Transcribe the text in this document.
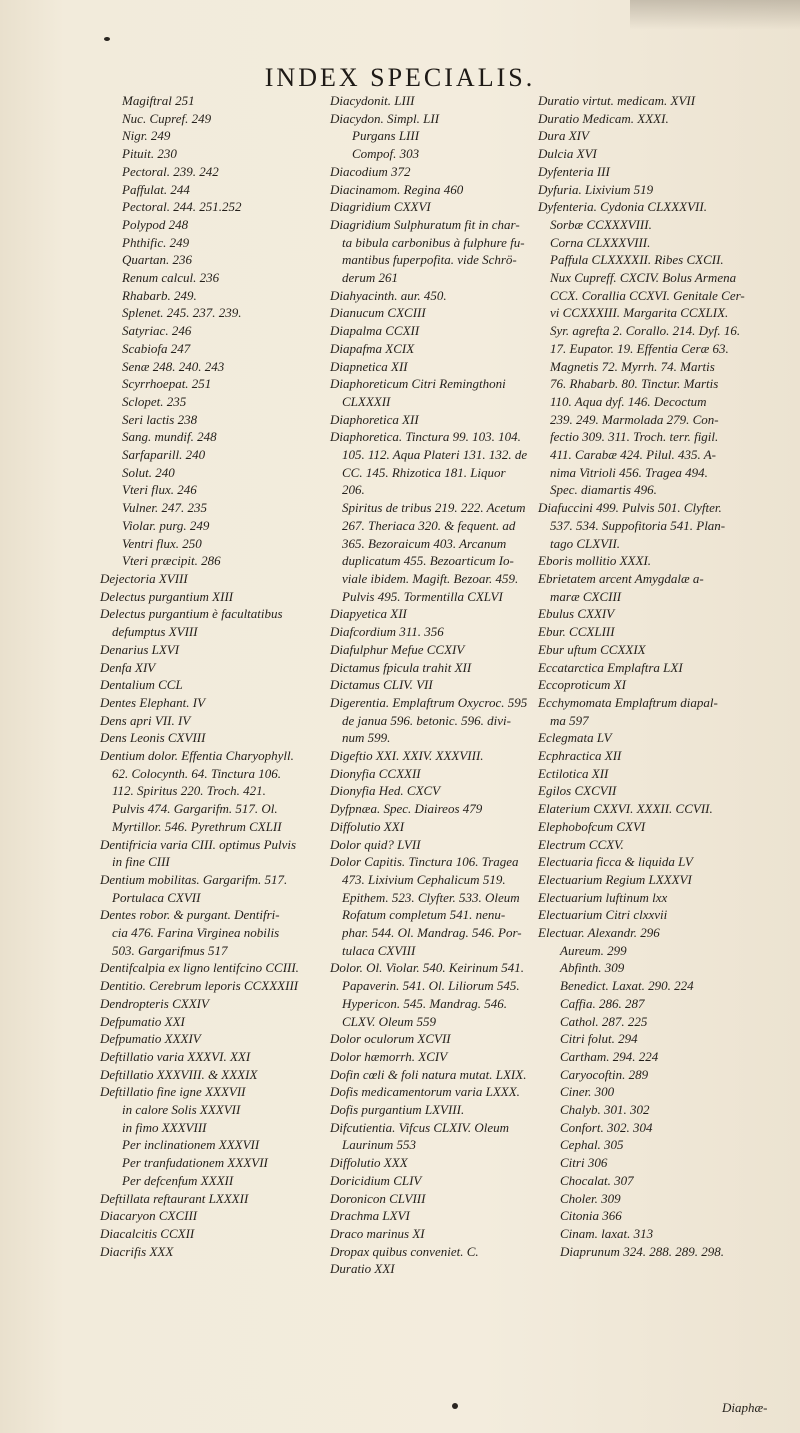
INDEX SPECIALIS.

Magiftral 251

Nuc. Cupref. 249

Nigr. 249

Pituit. 230

Pectoral. 239. 242

Paffulat. 244

Pectoral. 244. 251.252

Polypod 248

Phthific. 249

Quartan. 236

Renum calcul. 236

Rhabarb. 249.

Splenet. 245. 237. 239.

Satyriac. 246

Scabiofa 247

Senæ 248. 240. 243

Scyrrhoepat. 251

Sclopet. 235

Seri lactis 238

Sang. mundif. 248

Sarfaparill. 240

Solut. 240

Vteri flux. 246

Vulner. 247. 235

Violar. purg. 249

Ventri flux. 250

Vteri præcipit. 286

Dejectoria XVIII

Delectus purgantium XIII

Delectus purgantium è facultatibus

defumptus XVIII

Denarius LXVI

Denfa XIV

Dentalium CCL

Dentes Elephant. IV

Dens apri VII. IV

Dens Leonis CXVIII

Dentium dolor. Effentia Charyophyll.

62. Colocynth. 64. Tinctura 106.

112. Spiritus 220. Troch. 421.

Pulvis 474. Gargarifm. 517. Ol.

Myrtillor. 546. Pyrethrum CXLII

Dentifricia varia CIII. optimus Pulvis

in fine CIII

Dentium mobilitas. Gargarifm. 517.

Portulaca CXVII

Dentes robor. & purgant. Dentifri-

cia 476. Farina Virginea nobilis

503. Gargarifmus 517

Dentifcalpia ex ligno lentifcino CCIII.

Dentitio. Cerebrum leporis CCXXXIII

Dendropteris CXXIV

Defpumatio XXI

Defpumatio XXXIV

Deftillatio varia XXXVI. XXI

Deftillatio XXXVIII. & XXXIX

Deftillatio fine igne XXXVII

in calore Solis XXXVII

in fimo XXXVIII

Per inclinationem XXXVII

Per tranfudationem XXXVII

Per defcenfum XXXII

Deftillata reftaurant LXXXII

Diacaryon CXCIII

Diacalcitis CCXII

Diacrifis XXX

Diacydonit. LIII

Diacydon. Simpl. LII

Purgans LIII

Compof. 303

Diacodium 372

Diacinamom. Regina 460

Diagridium CXXVI

Diagridium Sulphuratum fit in char-

ta bibula carbonibus à fulphure fu-

mantibus fuperpofita. vide Schrö-

derum 261

Diahyacinth. aur. 450.

Dianucum CXCIII

Diapalma CCXII

Diapafma XCIX

Diapnetica XII

Diaphoreticum Citri Remingthoni

CLXXXII

Diaphoretica XII

Diaphoretica. Tinctura 99. 103. 104.

105. 112. Aqua Plateri 131. 132. de

CC. 145. Rhizotica 181. Liquor 206.

Spiritus de tribus 219. 222. Acetum

267. Theriaca 320. & fequent. ad

365. Bezoraicum 403. Arcanum

duplicatum 455. Bezoarticum Io-

viale ibidem. Magift. Bezoar. 459.

Pulvis 495. Tormentilla CXLVI

Diapyetica XII

Diafcordium 311. 356

Diafulphur Mefue CCXIV

Dictamus fpicula trahit XII

Dictamus CLIV. VII

Digerentia. Emplaftrum Oxycroc. 595

de janua 596. betonic. 596. divi-

num 599.

Digeftio XXI. XXIV. XXXVIII.

Dionyfia CCXXII

Dionyfia Hed. CXCV

Dyfpnæa. Spec. Diaireos 479

Diffolutio XXI

Dolor quid? LVII

Dolor Capitis. Tinctura 106. Tragea

473. Lixivium Cephalicum 519.

Epithem. 523. Clyfter. 533. Oleum

Rofatum completum 541. nenu-

phar. 544. Ol. Mandrag. 546. Por-

tulaca CXVIII

Dolor. Ol. Violar. 540. Keirinum 541.

Papaverin. 541. Ol. Liliorum 545.

Hypericon. 545. Mandrag. 546.

CLXV. Oleum 559

Dolor oculorum XCVII

Dolor hæmorrh. XCIV

Dofin cœli & foli natura mutat. LXIX.

Dofis medicamentorum varia LXXX.

Dofis purgantium LXVIII.

Difcutientia. Vifcus CLXIV. Oleum

Laurinum 553

Diffolutio XXX

Doricidium CLIV

Doronicon CLVIII

Drachma LXVI

Draco marinus XI

Dropax quibus conveniet. C.

Duratio XXI

Duratio virtut. medicam. XVII

Duratio Medicam. XXXI.

Dura XIV

Dulcia XVI

Dyfenteria III

Dyfuria. Lixivium 519

Dyfenteria. Cydonia CLXXXVII.

Sorbæ CCXXXVIII.

Corna CLXXXVIII.

Paffula CLXXXXII. Ribes CXCII.

Nux Cupreff. CXCIV. Bolus Armena

CCX. Corallia CCXVI. Genitale Cer-

vi CCXXXIII. Margarita CCXLIX.

Syr. agrefta 2. Corallo. 214. Dyf. 16.

17. Eupator. 19. Effentia Ceræ 63.

Magnetis 72. Myrrh. 74. Martis

76. Rhabarb. 80. Tinctur. Martis

110. Aqua dyf. 146. Decoctum

239. 249. Marmolada 279. Con-

fectio 309. 311. Troch. terr. figil.

411. Carabæ 424. Pilul. 435. A-

nima Vitrioli 456. Tragea 494.

Spec. diamartis 496.

Diafuccini 499. Pulvis 501. Clyfter.

537. 534. Suppofitoria 541. Plan-

tago CLXVII.

Eboris mollitio XXXI.

Ebrietatem arcent Amygdalæ a-

maræ CXCIII

Ebulus CXXIV

Ebur. CCXLIII

Ebur uftum CCXXIX

Eccatarctica Emplaftra LXI

Eccoproticum XI

Ecchymomata Emplaftrum diapal-

ma 597

Eclegmata LV

Ecphractica XII

Ectilotica XII

Egilos CXCVII

Elaterium CXXVI. XXXII. CCVII.

Elephobofcum CXVI

Electrum CCXV.

Electuaria ficca & liquida LV

Electuarium Regium LXXXVI

Electuarium luftinum lxx

Electuarium Citri clxxvii

Electuar. Alexandr. 296

Aureum. 299

Abfinth. 309

Benedict. Laxat. 290. 224

Caffia. 286. 287

Cathol. 287. 225

Citri folut. 294

Cartham. 294. 224

Caryocoftin. 289

Ciner. 300

Chalyb. 301. 302

Confort. 302. 304

Cephal. 305

Citri 306

Chocalat. 307

Choler. 309

Citonia 366

Cinam. laxat. 313

Diaprunum 324. 288. 289. 298.

Diaphæ-
